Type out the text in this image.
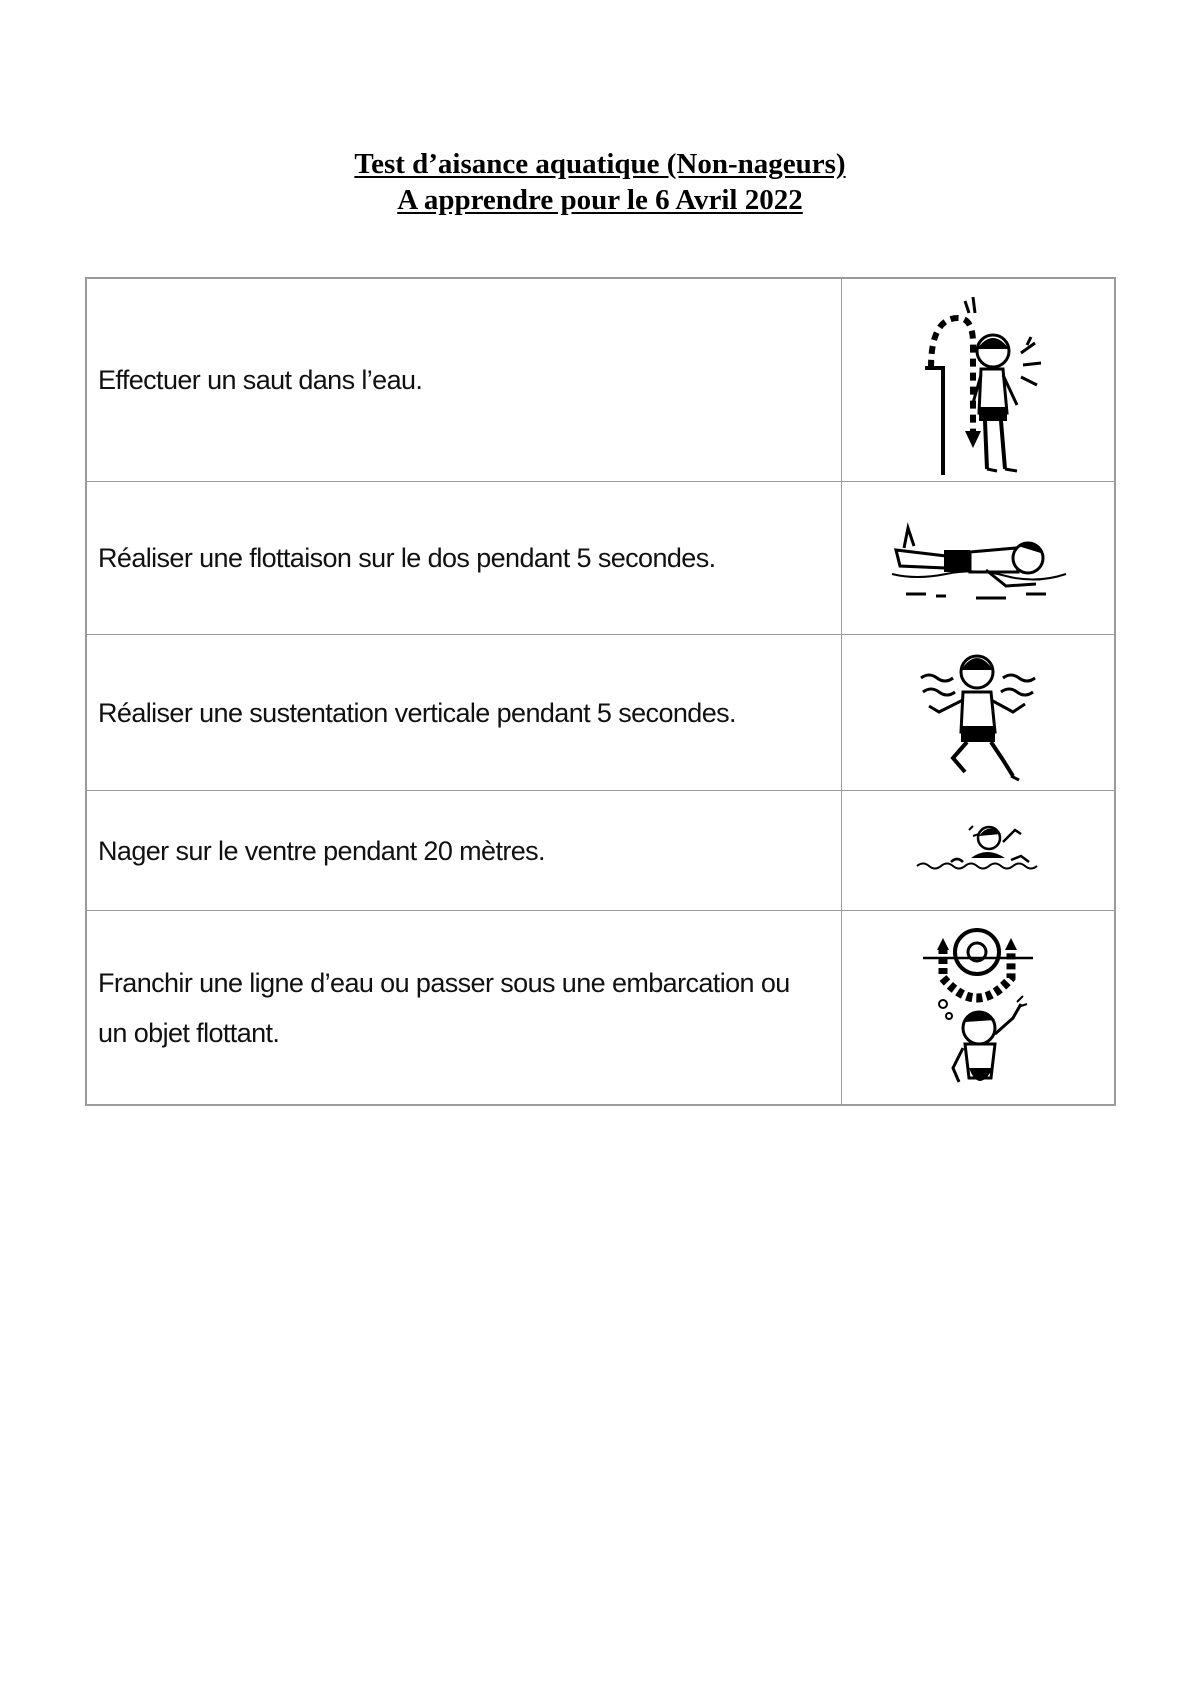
Test d’aisance aquatique (Non-nageurs)
A apprendre pour le 6 Avril 2022
Effectuer un saut dans l’eau.
Réaliser une flottaison sur le dos pendant 5 secondes.
Réaliser une sustentation verticale pendant 5 secondes.
Nager sur le ventre pendant 20 mètres.
Franchir une ligne d’eau ou passer sous une embarcation ou un objet flottant.
